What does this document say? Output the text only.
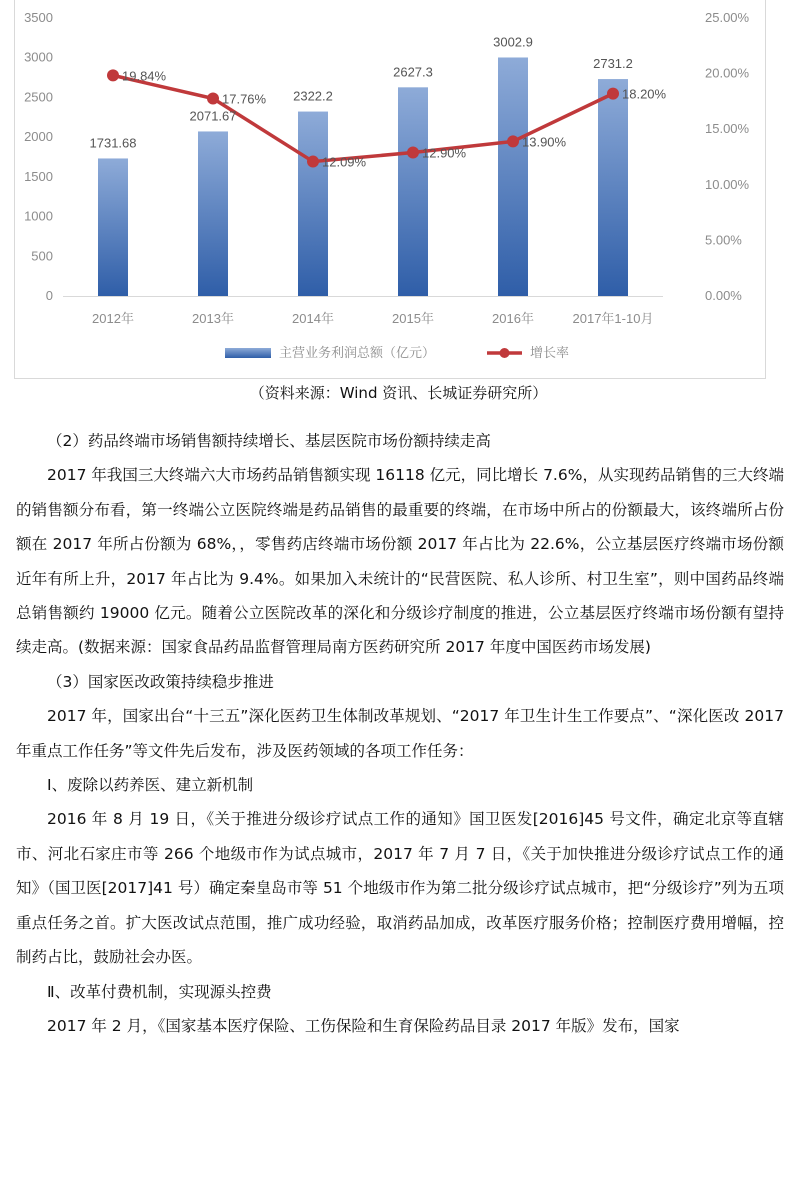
0
500
1000
1500
2000
2500
3000
3500
0.00%
5.00%
10.00%
15.00%
20.00%
25.00%
2012年	2013年	2014年	2015年	2016年	2017年1-10月
1731.68
2071.67
2322.2
2627.3
3002.9
2731.2
19.84%
17.76%
12.09%
12.90%
13.90%
18.20%
主营业务利润总额（亿元）	增长率
（资料来源：Wind 资讯、长城证券研究所）

（2）药品终端市场销售额持续增长、基层医院市场份额持续走高

2017 年我国三大终端六大市场药品销售额实现 16118 亿元，同比增长 7.6%，从实现药品销售的三大终端的销售额分布看，第一终端公立医院终端是药品销售的最重要的终端，在市场中所占的份额最大，该终端所占份额在 2017 年所占份额为 68%，，零售药店终端市场份额 2017 年占比为 22.6%，公立基层医疗终端市场份额近年有所上升，2017 年占比为 9.4%。如果加入未统计的“民营医院、私人诊所、村卫生室”，则中国药品终端总销售额约 19000 亿元。随着公立医院改革的深化和分级诊疗制度的推进，公立基层医疗终端市场份额有望持续走高。(数据来源：国家食品药品监督管理局南方医药研究所 2017 年度中国医药市场发展)

（3）国家医改政策持续稳步推进

2017 年，国家出台“十三五”深化医药卫生体制改革规划、“2017 年卫生计生工作要点”、“深化医改 2017 年重点工作任务”等文件先后发布，涉及医药领域的各项工作任务：

Ⅰ、废除以药养医、建立新机制

2016 年 8 月 19 日，《关于推进分级诊疗试点工作的通知》国卫医发[2016]45 号文件，确定北京等直辖市、河北石家庄市等 266 个地级市作为试点城市，2017 年 7 月 7 日，《关于加快推进分级诊疗试点工作的通知》（国卫医[2017]41 号）确定秦皇岛市等 51 个地级市作为第二批分级诊疗试点城市，把“分级诊疗”列为五项重点任务之首。扩大医改试点范围，推广成功经验，取消药品加成，改革医疗服务价格；控制医疗费用增幅，控制药占比，鼓励社会办医。

Ⅱ、改革付费机制，实现源头控费

2017 年 2 月，《国家基本医疗保险、工伤保险和生育保险药品目录 2017 年版》发布，国家
